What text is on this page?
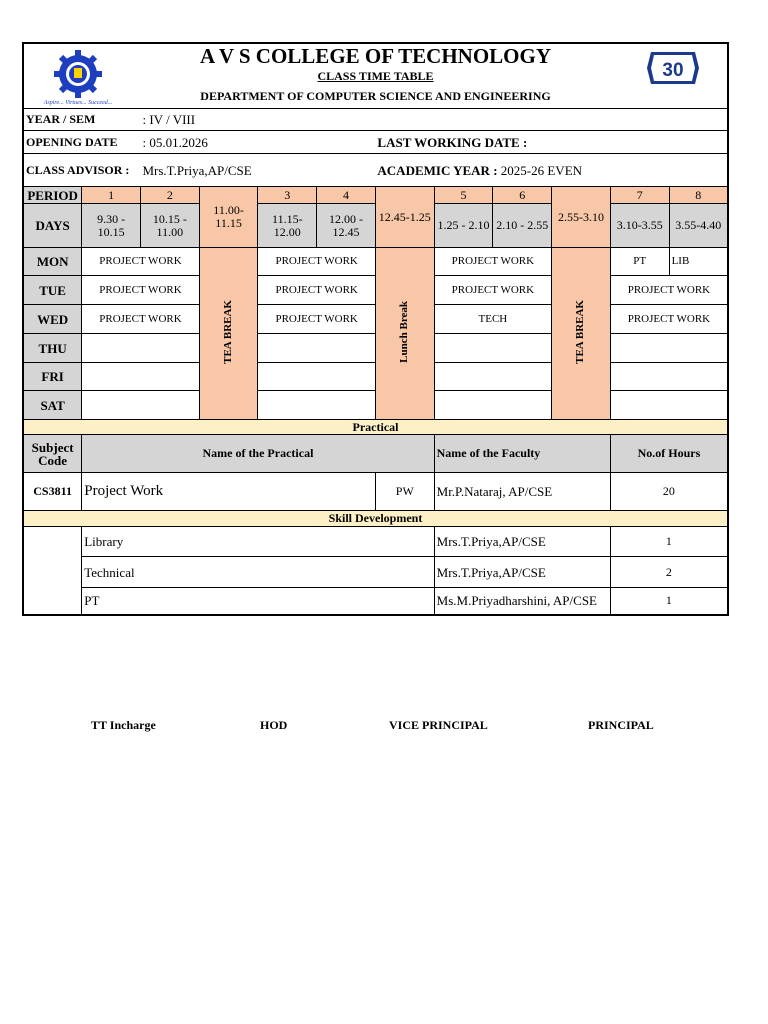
Aspire... Virtues... Succeed...
30
A V S COLLEGE OF TECHNOLOGY
CLASS TIME TABLE
DEPARTMENT OF COMPUTER SCIENCE AND ENGINEERING											

YEAR / SEM		: IV / VIII									
OPENING DATE		: 05.01.2026				LAST WORKING DATE :					
CLASS ADVISOR :		Mrs.T.Priya,AP/CSE				ACADEMIC YEAR : 2025-26 EVEN					
PERIOD	1	2	11.00-11.15	3	4	12.45-1.25	5	6	2.55-3.10	7	8
DAYS	9.30 - 10.15	10.15 - 11.00		11.15-12.00	12.00 - 12.45		1.25 - 2.10	2.10 - 2.55		3.10-3.55	3.55-4.40
MON	PROJECT WORK		TEA BREAK	PROJECT WORK		Lunch Break	PROJECT WORK		TEA BREAK	PT	LIB
TUE	PROJECT WORK			PROJECT WORK			PROJECT WORK			PROJECT WORK	
WED	PROJECT WORK			PROJECT WORK			TECH			PROJECT WORK	
THU											
FRI											
SAT											
Practical											
Subject Code	Name of the Practical						Name of the Faculty			No.of Hours	
CS3811	Project Work					PW	Mr.P.Nataraj, AP/CSE			20	
Skill Development											
	Library						Mrs.T.Priya,AP/CSE			1	
	Technical						Mrs.T.Priya,AP/CSE			2	
	PT						Ms.M.Priyadharshini, AP/CSE			1	
TT Incharge	HOD	VICE PRINCIPAL	PRINCIPAL
